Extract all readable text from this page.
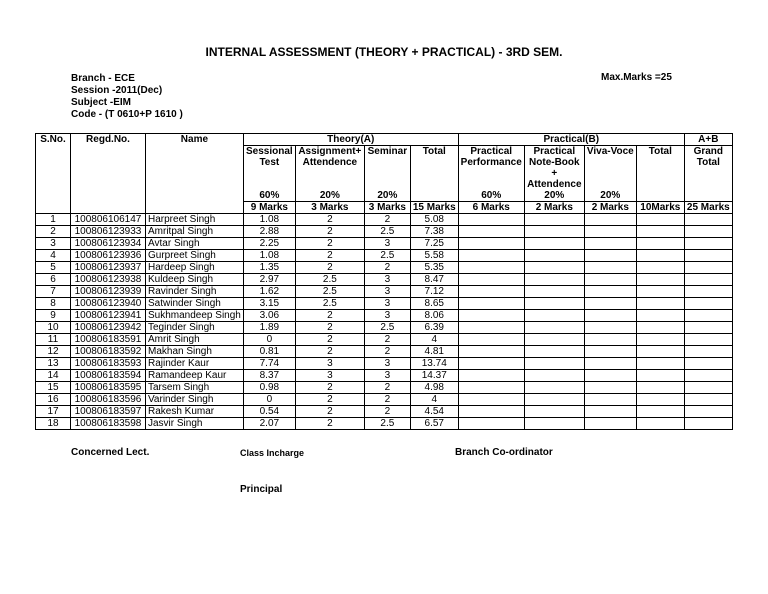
INTERNAL ASSESSMENT (THEORY + PRACTICAL) - 3RD SEM.
Branch - ECE
Session -2011(Dec)
Subject -EIM
Code - (T 0610+P 1610 )
Max.Marks =25
S.No.	Regd.No.	Name	Theory(A)				Practical(B)				A+B
			Sessional Test	Assignment+ Attendence	Seminar	Total	Practical Performance	Practical Note-Book + Attendence	Viva-Voce	Total	Grand Total
			60%	20%	20%		60%	20%	20%		
			9 Marks	3 Marks	3 Marks	15 Marks	6 Marks	2 Marks	2 Marks	10Marks	25 Marks
1	100806106147	Harpreet Singh	1.08	2	2	5.08					
2	100806123933	Amritpal Singh	2.88	2	2.5	7.38					
3	100806123934	Avtar Singh	2.25	2	3	7.25					
4	100806123936	Gurpreet Singh	1.08	2	2.5	5.58					
5	100806123937	Hardeep Singh	1.35	2	2	5.35					
6	100806123938	Kuldeep Singh	2.97	2.5	3	8.47					
7	100806123939	Ravinder Singh	1.62	2.5	3	7.12					
8	100806123940	Satwinder Singh	3.15	2.5	3	8.65					
9	100806123941	Sukhmandeep Singh	3.06	2	3	8.06					
10	100806123942	Teginder Singh	1.89	2	2.5	6.39					
11	100806183591	Amrit Singh	0	2	2	4					
12	100806183592	Makhan Singh	0.81	2	2	4.81					
13	100806183593	Rajinder Kaur	7.74	3	3	13.74					
14	100806183594	Ramandeep Kaur	8.37	3	3	14.37					
15	100806183595	Tarsem Singh	0.98	2	2	4.98					
16	100806183596	Varinder Singh	0	2	2	4					
17	100806183597	Rakesh Kumar	0.54	2	2	4.54					
18	100806183598	Jasvir Singh	2.07	2	2.5	6.57					
Concerned Lect.	Class Incharge	Branch Co-ordinator
Principal
